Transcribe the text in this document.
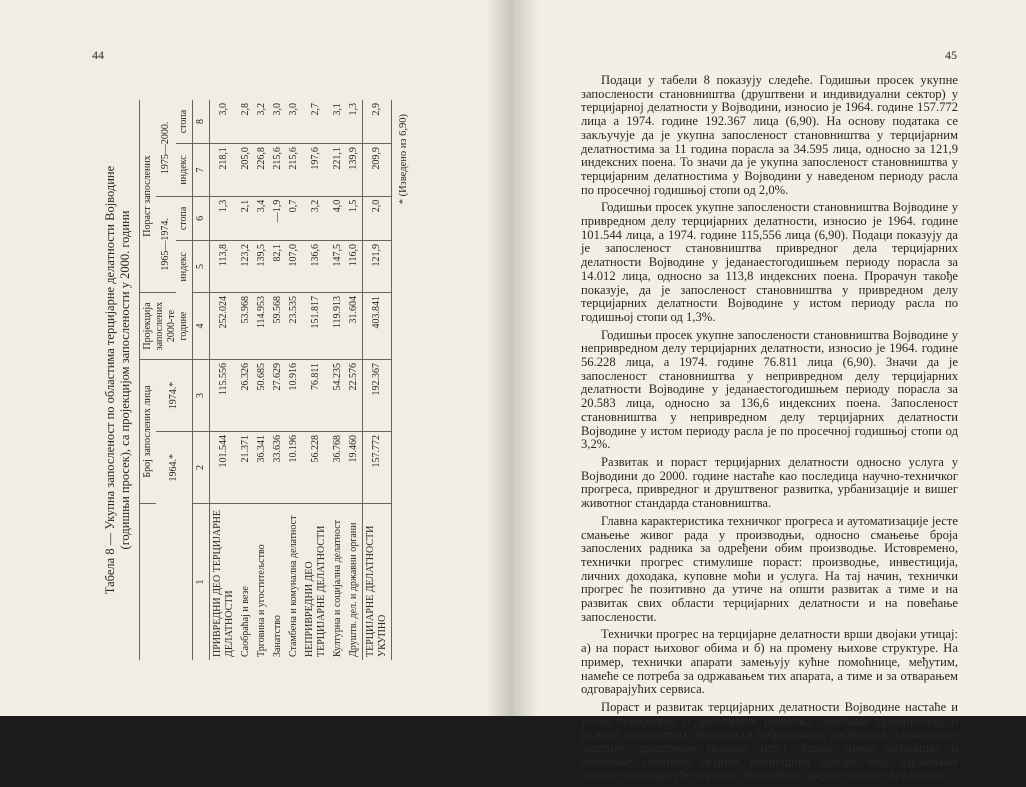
44
Табела 8 — Укупна запосленост по областима терцијарне делатности Војводине (годишњи просек), са пројекцијом запослености у 2000. години
	Број запослених лица		Пројекција запослених 2000-те године	Пораст запослених			
	1964.*	1974.*		1965—1974.		1975—2000.	
				индекс	стопа	индекс	стопа
1	2	3	4	5	6	7	8
ПРИВРЕДНИ ДЕО ТЕРЦИЈАРНЕ ДЕЛАТНОСТИ	101.544	115.556	252.024	113,8	1,3	218,1	3,0
Саобраћај и везе	21.371	26.326	53.968	123,2	2,1	205,0	2,8
Трговина и угоститељство	36.341	50.685	114.953	139,5	3,4	226,8	3,2
Занатство	33.636	27.629	59.568	82,1	—1,9	215,6	3,0
Стамбена и комунална делатност	10.196	10.916	23.535	107,0	0,7	215,6	3,0
НЕПРИВРЕДНИ ДЕО ТЕРЦИЈАРНЕ ДЕЛАТНОСТИ	56.228	76.811	151.817	136,6	3,2	197,6	2,7
Културна и социјална делатност	36.768	54.235	119.913	147,5	4,0	221,1	3,1
Друштв. дел. и државни органи	19.460	22.576	31.604	116,0	1,5	139,9	1,3
ТЕРЦИЈАРНЕ ДЕЛАТНОСТИ УКУПНО	157.772	192.367	403.841	121,9	2,0	209,9	2,9
* (Изведено из 6,90)
45

Подаци у табели 8 показују следеће. Годишњи просек укупне запослености становништва (друштвени и индивидуални сектор) у терцијарној делатности у Војводини, износио је 1964. године 157.772 лица а 1974. године 192.367 лица (6,90). На основу података се закључује да је укупна запосленост становништва у терцијарним делатностима за 11 година порасла за 34.595 лица, односно за 121,9 индексних поена. То значи да је укупна запосленост становништва у терцијарним делатностима у Војводини у наведеном периоду расла по просечној годишњој стопи од 2,0%.

Годишњи просек укупне запослености становништва Војводине у привредном делу терцијарних делатности, износио је 1964. године 101.544 лица, а 1974. године 115,556 лица (6,90). Подаци показују да је запосленост становништва привредног дела терцијарних делатности Војводине у једанаестогодишњем периоду порасла за 14.012 лица, односно за 113,8 индексних поена. Прорачун такође показује, да је запосленост становништва у привредном делу терцијарних делатности Војводине у истом периоду расла по годишњој стопи од 1,3%.

Годишњи просек укупне запослености становништва Војводине у непривредном делу терцијарних делатности, износио је 1964. године 56.228 лица, а 1974. године 76.811 лица (6,90). Значи да је запосленост становништва у непривредном делу терцијарних делатности Војводине у једанаестогодишњем периоду порасла за 20.583 лица, односно за 136,6 индексних поена. Запосленост становништва у непривредном делу терцијарних делатности Војводине у истом периоду расла је по просечној годишњој стопи од 3,2%.

Развитак и пораст терцијарних делатности односно услуга у Војводини до 2000. године настаће као последица научно-техничког прогреса, привредног и друштвеног развитка, урбанизације и вишег животног стандарда становништва.

Главна карактеристика техничког прогреса и аутоматизације јесте смањење живог рада у производњи, односно смањење броја запослених радника за одређени обим производње. Истовремено, технички прогрес стимулише пораст: производње, инвестиција, личних доходака, куповне моћи и услуга. На тај начин, технички прогрес ће позитивно да утиче на општи развитак а тиме и на развитак свих области терцијарних делатности и на повећање запослености.

Технички прогрес на терцијарне делатности врши двојаки утицај: а) на пораст њиховог обима и б) на промену њихове структуре. На пример, технички апарати замењују кућне помоћнице, међутим, намеће се потреба за одржавањем тих апарата, а тиме и за отварањем одговарајућих сервиса.

Пораст и развитак терцијарних делатности Војводине настаће и услед привредног и друштвеног развитка, повећање урбанизације и развоја друштвених делатности (образовања, васпитања, здравствене заштите, друштвене исхране итд.). Затим личне потрошње и повећање употребе трајних потрошних добара чије одржавање захтева одговарајуће сервисе. Употребни предмети мање вредности
